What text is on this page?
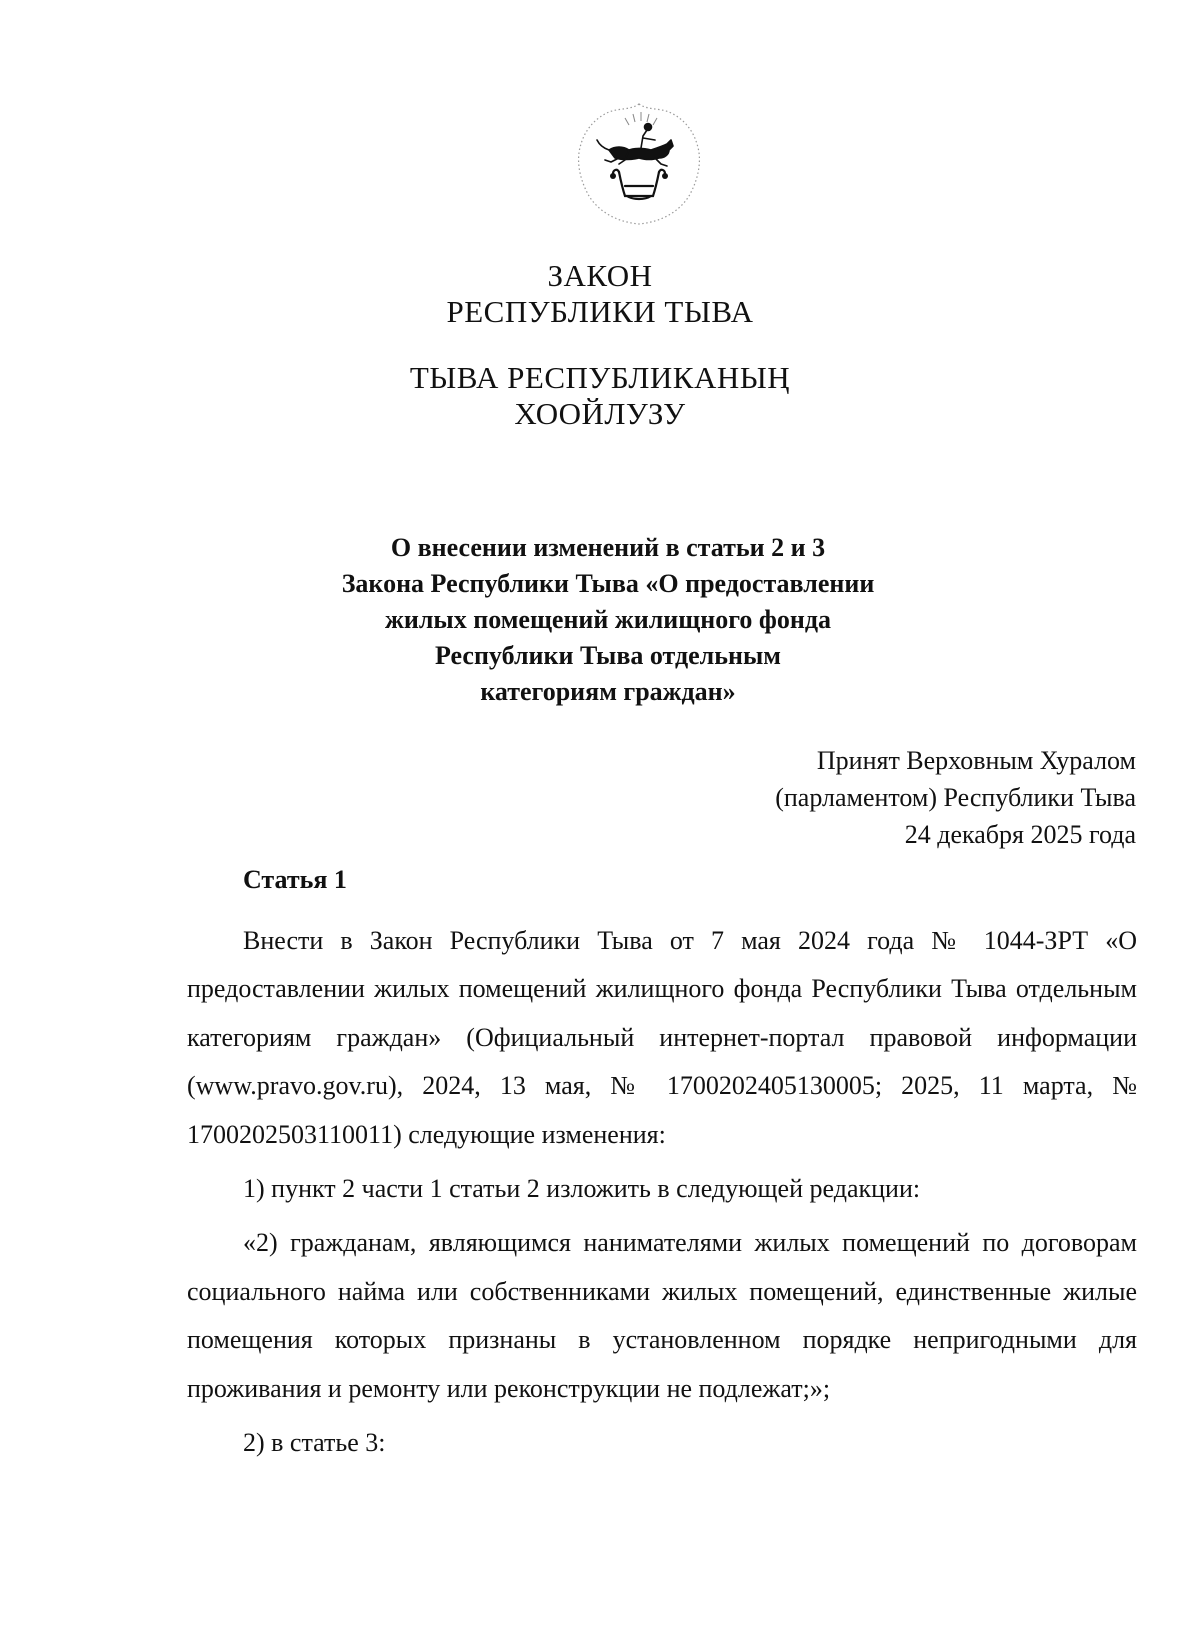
ЗАКОН
РЕСПУБЛИКИ ТЫВА
ТЫВА РЕСПУБЛИКАНЫҢ
ХООЙЛУЗУ
О внесении изменений в статьи 2 и 3
Закона Республики Тыва «О предоставлении
жилых помещений жилищного фонда
Республики Тыва отдельным
категориям граждан»
Принят Верховным Хуралом
(парламентом) Республики Тыва
24 декабря 2025 года
Статья 1

Внести в Закон Республики Тыва от 7 мая 2024 года № 1044-ЗРТ «О предоставлении жилых помещений жилищного фонда Республики Тыва отдельным категориям граждан» (Официальный интернет-портал правовой информации (www.pravo.gov.ru), 2024, 13 мая, № 1700202405130005; 2025, 11 марта, № 1700202503110011) следующие изменения:

1) пункт 2 части 1 статьи 2 изложить в следующей редакции:

«2) гражданам, являющимся нанимателями жилых помещений по договорам социального найма или собственниками жилых помещений, единственные жилые помещения которых признаны в установленном порядке непригодными для проживания и ремонту или реконструкции не подлежат;»;

2) в статье 3:
